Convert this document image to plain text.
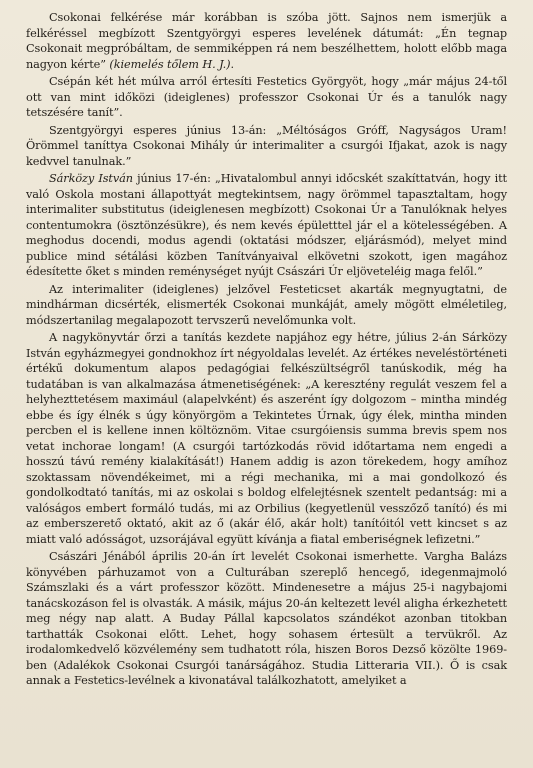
Csokonai felkérése már korábban is szóba jött. Sajnos nem ismerjük a felkéréssel megbízott Szentgyörgyi esperes levelének dátumát: „Én tegnap Csokonait megpróbáltam, de semmiképpen rá nem beszélhettem, holott előbb maga nagyon kérte” (kiemelés tőlem H. J.).

Csépán két hét múlva arról értesíti Festetics Györgyöt, hogy „már május 24-től ott van mint időközi (ideiglenes) professzor Csokonai Úr és a tanulók nagy tetszésére tanít”.

Szentgyörgyi esperes június 13-án: „Méltóságos Gróff, Nagyságos Uram! Örömmel taníttya Csokonai Mihály úr interimaliter a csurgói Ifjakat, azok is nagy kedvvel tanulnak.”

Sárközy István június 17-én: „Hivatalombul annyi időcskét szakíttatván, hogy itt való Oskola mostani állapottyát megtekintsem, nagy örömmel tapasztaltam, hogy interimaliter substitutus (ideiglenesen megbízott) Csokonai Úr a Tanulóknak helyes contentumokra (ösztönzésükre), és nem kevés épületttel jár el a kötelességében. A meghodus docendi, modus agendi (oktatási módszer, eljárásmód), melyet mind publice mind sétálási közben Tanítványaival elkövetni szokott, igen magához édesítette őket s minden reménységet nyújt Császári Úr eljöveteléig maga felől.”

Az interimaliter (ideiglenes) jelzővel Festeticset akarták megnyugtatni, de mindhárman dicsérték, elismerték Csokonai munkáját, amely mögött elméletileg, módszertanilag megalapozott tervszerű nevelőmunka volt.

A nagykönyvtár őrzi a tanítás kezdete napjához egy hétre, július 2-án Sárközy István egyházmegyei gondnokhoz írt négyoldalas levelét. Az értékes neveléstörténeti értékű dokumentum alapos pedagógiai felkészültségről tanúskodik, még ha tudatában is van alkalmazása átmenetiségének: „A keresztény regulát veszem fel a helyhezttetésem maximául (alapelvként) és aszerént így dolgozom – mintha mindég ebbe és így élnék s úgy könyörgöm a Tekintetes Úrnak, úgy élek, mintha minden percben el is kellene innen költöznöm. Vitae csurgóiensis summa brevis spem nos vetat inchorae longam! (A csurgói tartózkodás rövid időtartama nem engedi a hosszú távú remény kialakítását!) Hanem addig is azon törekedem, hogy amíhoz szoktassam növendékeimet, mi a régi mechanika, mi a mai gondolkozó és gondolkodtató tanítás, mi az oskolai s boldog elfelejtésnek szentelt pedantság: mi a valóságos embert formáló tudás, mi az Orbilius (kegyetlenül vesszőző tanító) és mi az emberszerető oktató, akit az ő (akár élő, akár holt) tanítóitól vett kincset s az miatt való adósságot, uzsorájával együtt kívánja a fiatal emberiségnek lefizetni.”

Császári Jénából április 20-án írt levelét Csokonai ismerhette. Vargha Balázs könyvében párhuzamot von a Culturában szereplő hencegő, idegenmajmoló Számszlaki és a várt professzor között. Mindenesetre a május 25-i nagybajomi tanácskozáson fel is olvasták. A másik, május 20-án keltezett levél aligha érkezhetett meg négy nap alatt. A Buday Pállal kapcsolatos szándékot azonban titokban tarthatták Csokonai előtt. Lehet, hogy sohasem értesült a tervükről. Az irodalomkedvelő közvélemény sem tudhatott róla, hiszen Boros Dezső közölte 1969-ben (Adalékok Csokonai Csurgói tanárságához. Studia Litteraria VII.). Ő is csak annak a Festetics-levélnek a kivonatával találkozhatott, amelyiket a
